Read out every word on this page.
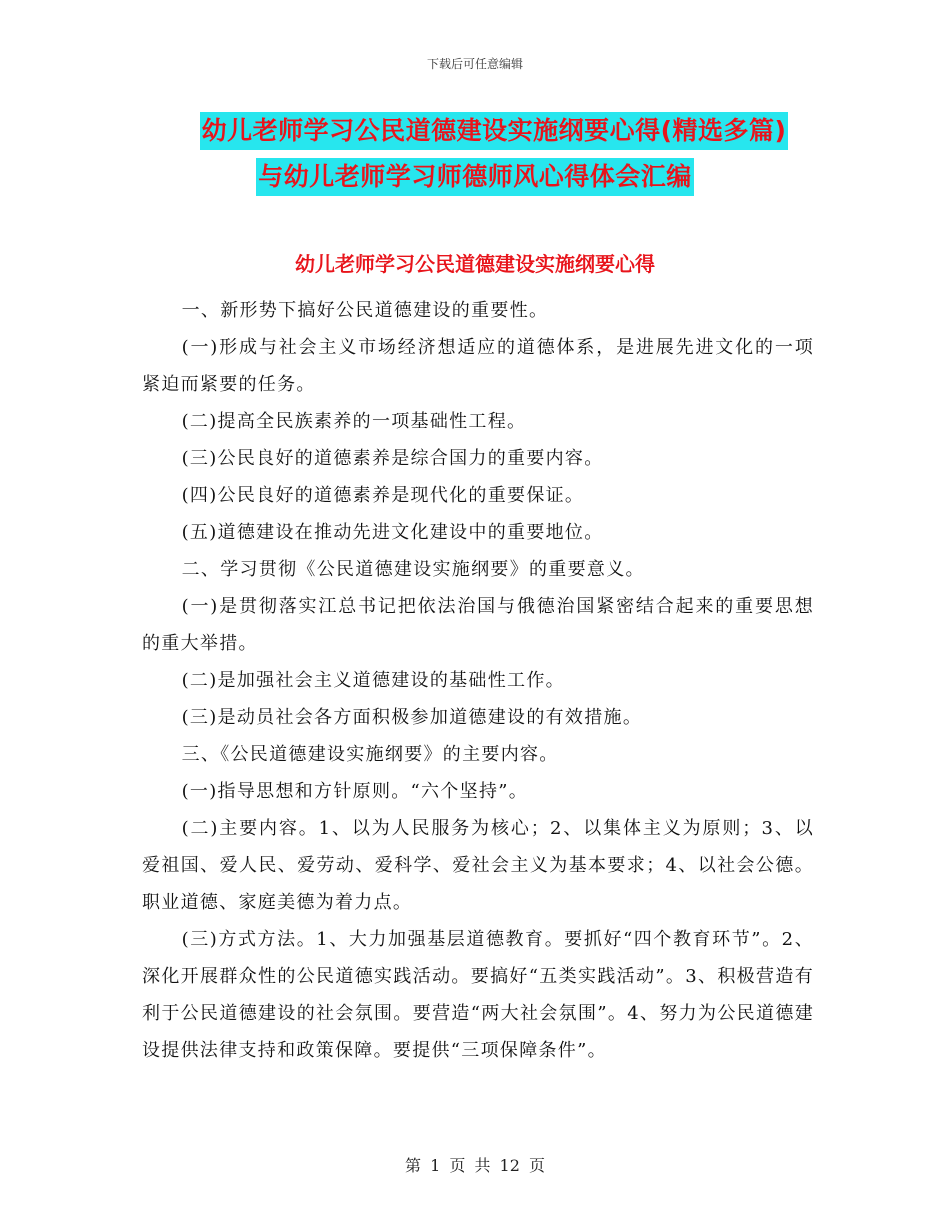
下载后可任意编辑
幼儿老师学习公民道德建设实施纲要心得(精选多篇)
与幼儿老师学习师德师风心得体会汇编
幼儿老师学习公民道德建设实施纲要心得

一、新形势下搞好公民道德建设的重要性。

(一)形成与社会主义市场经济想适应的道德体系，是进展先进文化的一项紧迫而紧要的任务。

(二)提高全民族素养的一项基础性工程。

(三)公民良好的道德素养是综合国力的重要内容。

(四)公民良好的道德素养是现代化的重要保证。

(五)道德建设在推动先进文化建设中的重要地位。

二、学习贯彻《公民道德建设实施纲要》的重要意义。

(一)是贯彻落实江总书记把依法治国与俄德治国紧密结合起来的重要思想的重大举措。

(二)是加强社会主义道德建设的基础性工作。

(三)是动员社会各方面积极参加道德建设的有效措施。

三、《公民道德建设实施纲要》的主要内容。

(一)指导思想和方针原则。“六个坚持”。

(二)主要内容。1、以为人民服务为核心；2、以集体主义为原则；3、以爱祖国、爱人民、爱劳动、爱科学、爱社会主义为基本要求；4、以社会公德。职业道德、家庭美德为着力点。

(三)方式方法。1、大力加强基层道德教育。要抓好“四个教育环节”。2、深化开展群众性的公民道德实践活动。要搞好“五类实践活动”。3、积极营造有利于公民道德建设的社会氛围。要营造“两大社会氛围”。4、努力为公民道德建设提供法律支持和政策保障。要提供“三项保障条件”。

第 1 页 共 12 页
